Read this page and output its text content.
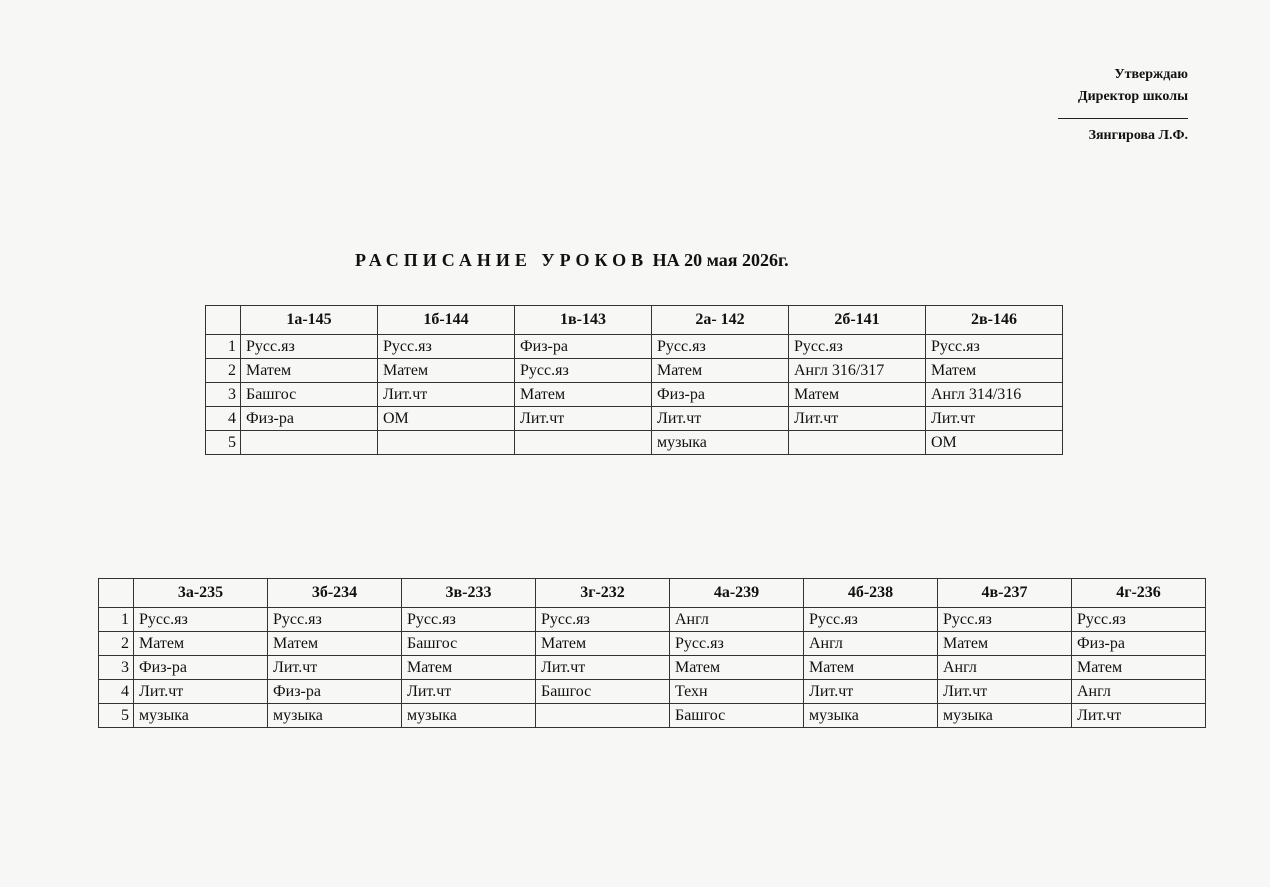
Утверждаю
Директор школы
Зянгирова Л.Ф.
РАСПИСАНИЕ УРОКОВ НА 20 мая 2026г.
	1а-145	1б-144	1в-143	2а- 142	2б-141	2в-146
1	Русс.яз	Русс.яз	Физ-ра	Русс.яз	Русс.яз	Русс.яз
2	Матем	Матем	Русс.яз	Матем	Англ 316/317	Матем
3	Башгос	Лит.чт	Матем	Физ-ра	Матем	Англ 314/316
4	Физ-ра	ОМ	Лит.чт	Лит.чт	Лит.чт	Лит.чт
5				музыка		ОМ
	3а-235	3б-234	3в-233	3г-232	4а-239	4б-238	4в-237	4г-236
1	Русс.яз	Русс.яз	Русс.яз	Русс.яз	Англ	Русс.яз	Русс.яз	Русс.яз
2	Матем	Матем	Башгос	Матем	Русс.яз	Англ	Матем	Физ-ра
3	Физ-ра	Лит.чт	Матем	Лит.чт	Матем	Матем	Англ	Матем
4	Лит.чт	Физ-ра	Лит.чт	Башгос	Техн	Лит.чт	Лит.чт	Англ
5	музыка	музыка	музыка		Башгос	музыка	музыка	Лит.чт
